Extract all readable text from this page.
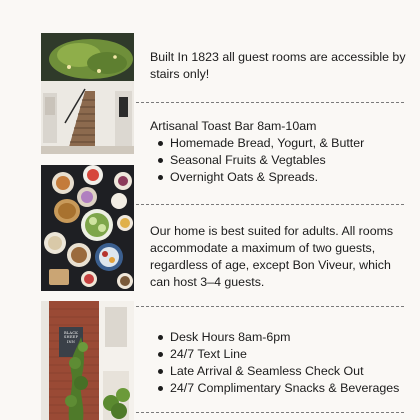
BLACK SHEEP INN

Built In 1823 all guest rooms are accessible by stairs only!

Artisanal Toast Bar 8am-10am

Homemade Bread, Yogurt, & Butter
Seasonal Fruits & Vegtables
Overnight Oats & Spreads.

Our home is best suited for adults. All rooms accommodate a maximum of two guests, regardless of age, except Bon Viveur, which can host 3–4 guests.

Desk Hours 8am-6pm
24/7 Text Line
Late Arrival & Seamless Check Out
24/7 Complimentary Snacks & Beverages
